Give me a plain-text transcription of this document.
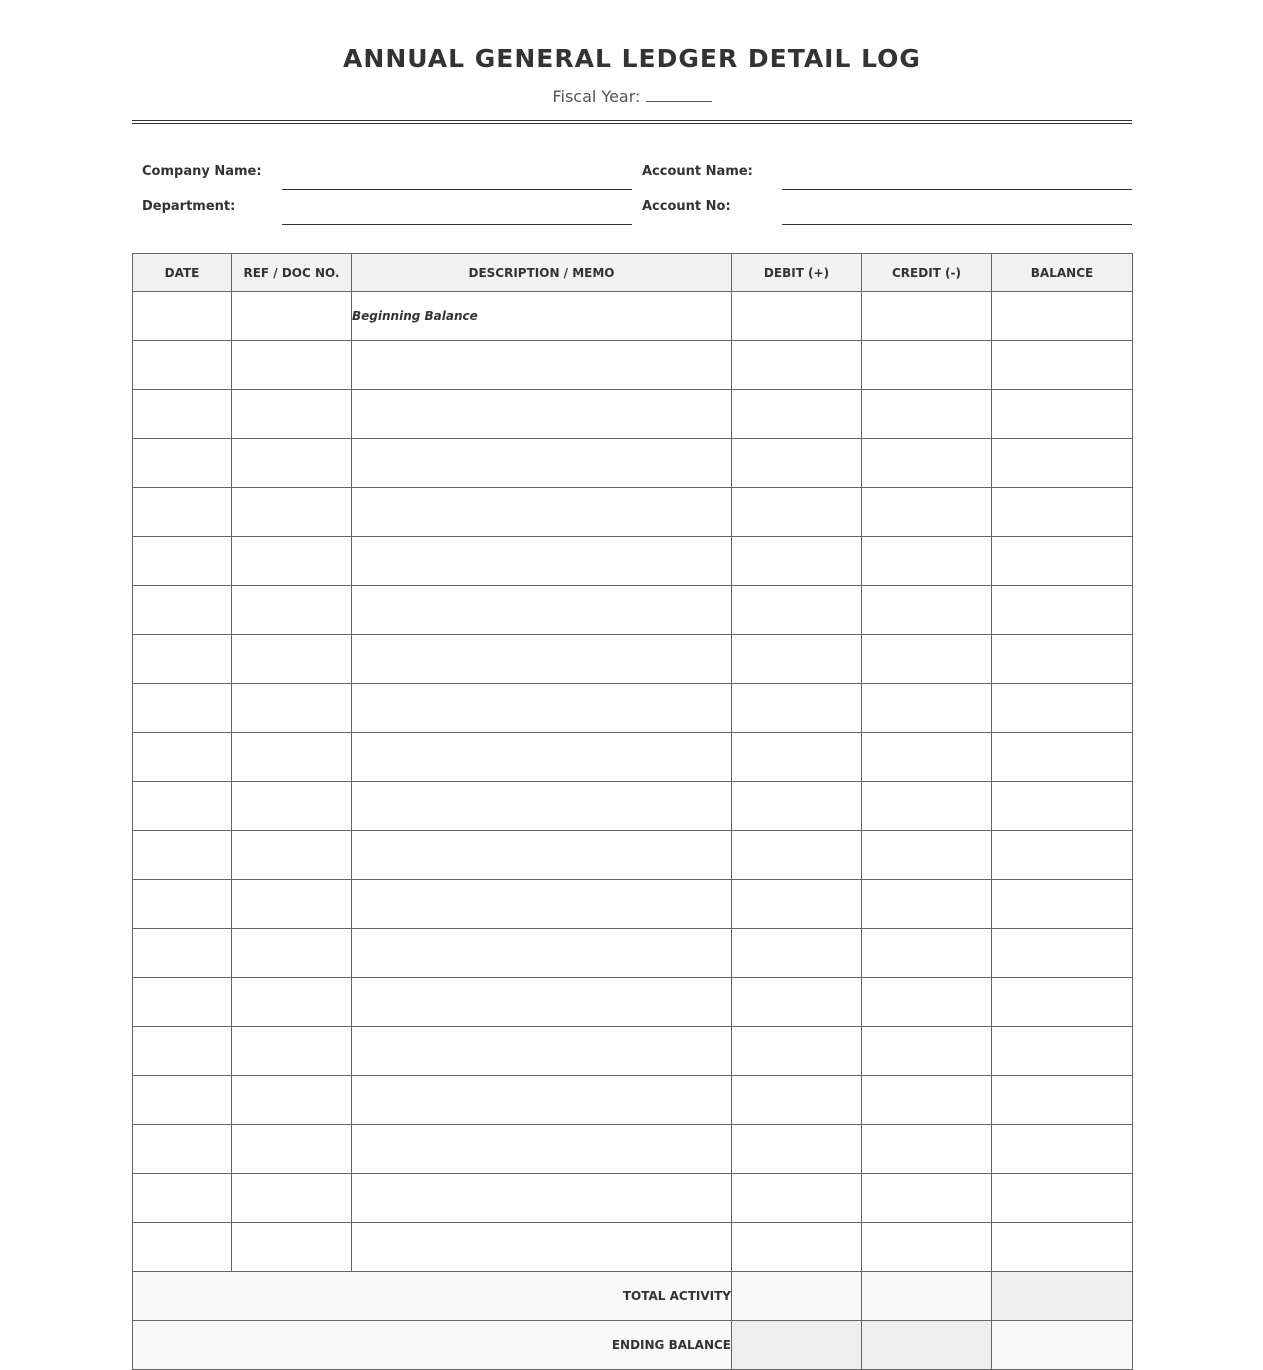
ANNUAL GENERAL LEDGER DETAIL LOG
Fiscal Year:
Company Name:
Department:
Account Name:
Account No:
DATE	REF / DOC NO.	DESCRIPTION / MEMO	DEBIT (+)	CREDIT (-)	BALANCE
		Beginning Balance			

TOTAL ACTIVITY					
ENDING BALANCE					
